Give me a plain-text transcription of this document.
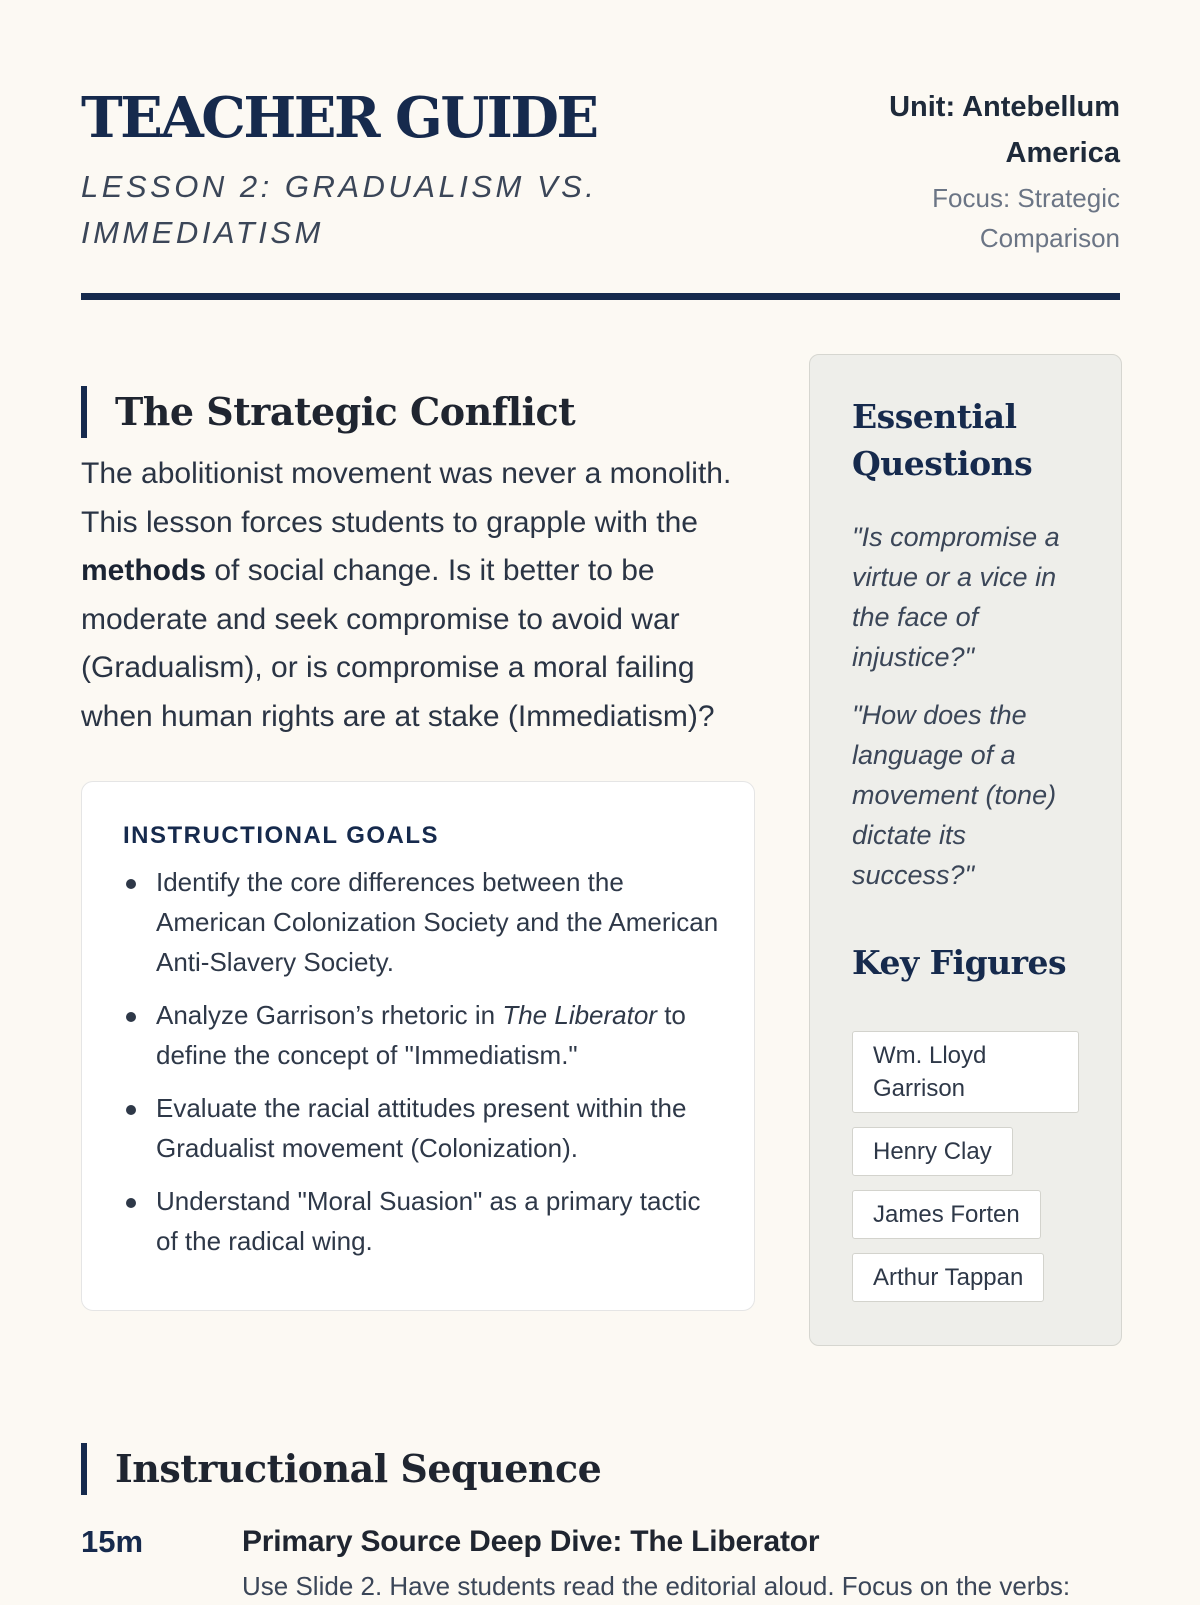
TEACHER GUIDE

LESSON 2: GRADUALISM VS. IMMEDIATISM

Unit: Antebellum America
Focus: Strategic Comparison
The Strategic Conflict

The abolitionist movement was never a monolith. This lesson forces students to grapple with the methods of social change. Is it better to be moderate and seek compromise to avoid war (Gradualism), or is compromise a moral failing when human rights are at stake (Immediatism)?

INSTRUCTIONAL GOALS
Identify the core differences between the American Colonization Society and the American Anti-Slavery Society.
Analyze Garrison’s rhetoric in The Liberator to define the concept of "Immediatism."
Evaluate the racial attitudes present within the Gradualist movement (Colonization).
Understand "Moral Suasion" as a primary tactic of the radical wing.
Essential Questions
"Is compromise a virtue or a vice in the face of injustice?"
"How does the language of a movement (tone) dictate its success?"
Key Figures
Wm. Lloyd Garrison
Henry Clay
James Forten
Arthur Tappan
Instructional Sequence
15m	Primary Source Deep Dive: The Liberator
Use Slide 2. Have students read the editorial aloud. Focus on the verbs:
